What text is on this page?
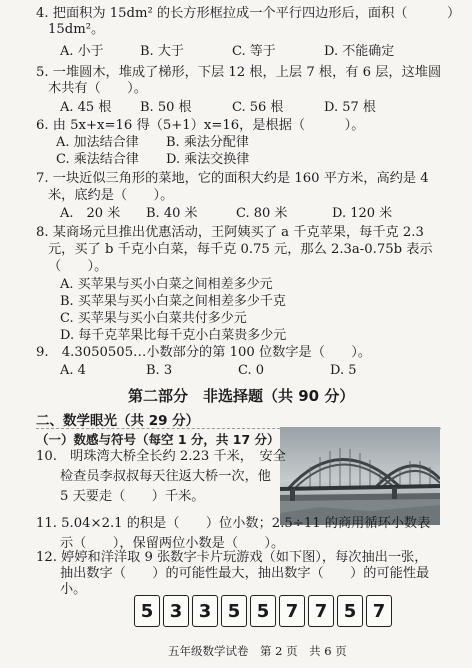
4. 把面积为 15dm² 的长方形框拉成一个平行四边形后，面积（　　　）
15dm²。
A. 小于	B. 大于	C. 等于	D. 不能确定
5. 一堆圆木，堆成了梯形，下层 12 根，上层 7 根，有 6 层，这堆圆
木共有（　　）。
A. 45 根 B. 50 根	C. 56 根	D. 57 根
6. 由 5x+x=16 得（5+1）x=16，是根据（　　　）。
A. 加法结合律 B. 乘法分配律
C. 乘法结合律 D. 乘法交换律
7. 一块近似三角形的菜地，它的面积大约是 160 平方米，高约是 4
米，底约是（　　）。
A.　20 米 B. 40 米	C. 80 米	D. 120 米
8. 某商场元旦推出优惠活动，王阿姨买了 a 千克苹果，每千克 2.3
元，买了 b 千克小白菜，每千克 0.75 元，那么 2.3a-0.75b 表示
（　　）。
A. 买苹果与买小白菜之间相差多少元
B. 买苹果与买小白菜之间相差多少千克
C. 买苹果与买小白菜共付多少元
D. 每千克苹果比每千克小白菜贵多少元
9.　4.3050505…小数部分的第 100 位数字是（　　）。
A. 4	B. 3	C. 0	D. 5
第二部分　非选择题（共 90 分）
二、数学眼光（共 29 分）
（一）数感与符号（每空 1 分，共 17 分）
10.　明珠湾大桥全长约 2.23 千米，　安全
检查员李叔叔每天往返大桥一次，他
5 天要走（　　）千米。
11. 5.04×2.1 的积是（　　）位小数；2.5÷11 的商用循环小数表
示（　　），保留两位小数是（　　）。
12. 婷婷和洋洋取 9 张数字卡片玩游戏（如下图），每次抽出一张，
抽出数字（　　）的可能性最大，抽出数字（　　）的可能性最
小。
5 3 3 5 5 7 7 5 7
五年级数学试卷　第 2 页　共 6 页
